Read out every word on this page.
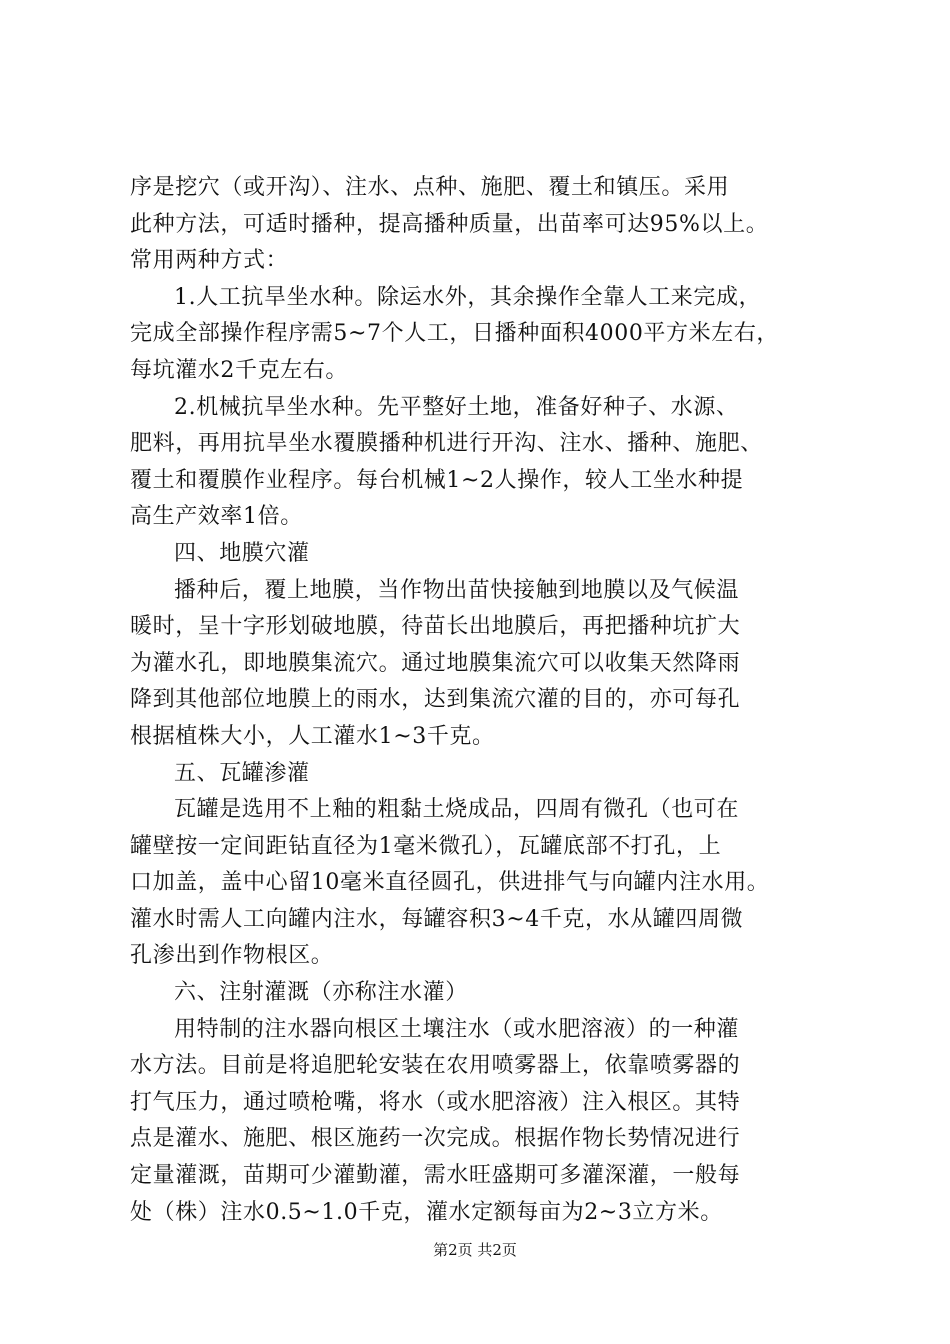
序是挖穴（或开沟）、注水、点种、施肥、覆土和镇压。采用
此种方法，可适时播种，提高播种质量，出苗率可达95%以上。
常用两种方式：
1.人工抗旱坐水种。除运水外，其余操作全靠人工来完成，
完成全部操作程序需5~7个人工，日播种面积4000平方米左右，
每坑灌水2千克左右。
2.机械抗旱坐水种。先平整好土地，准备好种子、水源、
肥料，再用抗旱坐水覆膜播种机进行开沟、注水、播种、施肥、
覆土和覆膜作业程序。每台机械1~2人操作，较人工坐水种提
高生产效率1倍。
四、地膜穴灌
播种后，覆上地膜，当作物出苗快接触到地膜以及气候温
暖时，呈十字形划破地膜，待苗长出地膜后，再把播种坑扩大
为灌水孔，即地膜集流穴。通过地膜集流穴可以收集天然降雨
降到其他部位地膜上的雨水，达到集流穴灌的目的，亦可每孔
根据植株大小，人工灌水1~3千克。
五、瓦罐渗灌
瓦罐是选用不上釉的粗黏土烧成品，四周有微孔（也可在
罐壁按一定间距钻直径为1毫米微孔），瓦罐底部不打孔，上
口加盖，盖中心留10毫米直径圆孔，供进排气与向罐内注水用。
灌水时需人工向罐内注水，每罐容积3~4千克，水从罐四周微
孔渗出到作物根区。
六、注射灌溉（亦称注水灌）
用特制的注水器向根区土壤注水（或水肥溶液）的一种灌
水方法。目前是将追肥轮安装在农用喷雾器上，依靠喷雾器的
打气压力，通过喷枪嘴，将水（或水肥溶液）注入根区。其特
点是灌水、施肥、根区施药一次完成。根据作物长势情况进行
定量灌溉，苗期可少灌勤灌，需水旺盛期可多灌深灌，一般每
处（株）注水0.5~1.0千克，灌水定额每亩为2~3立方米。
第2页 共2页
